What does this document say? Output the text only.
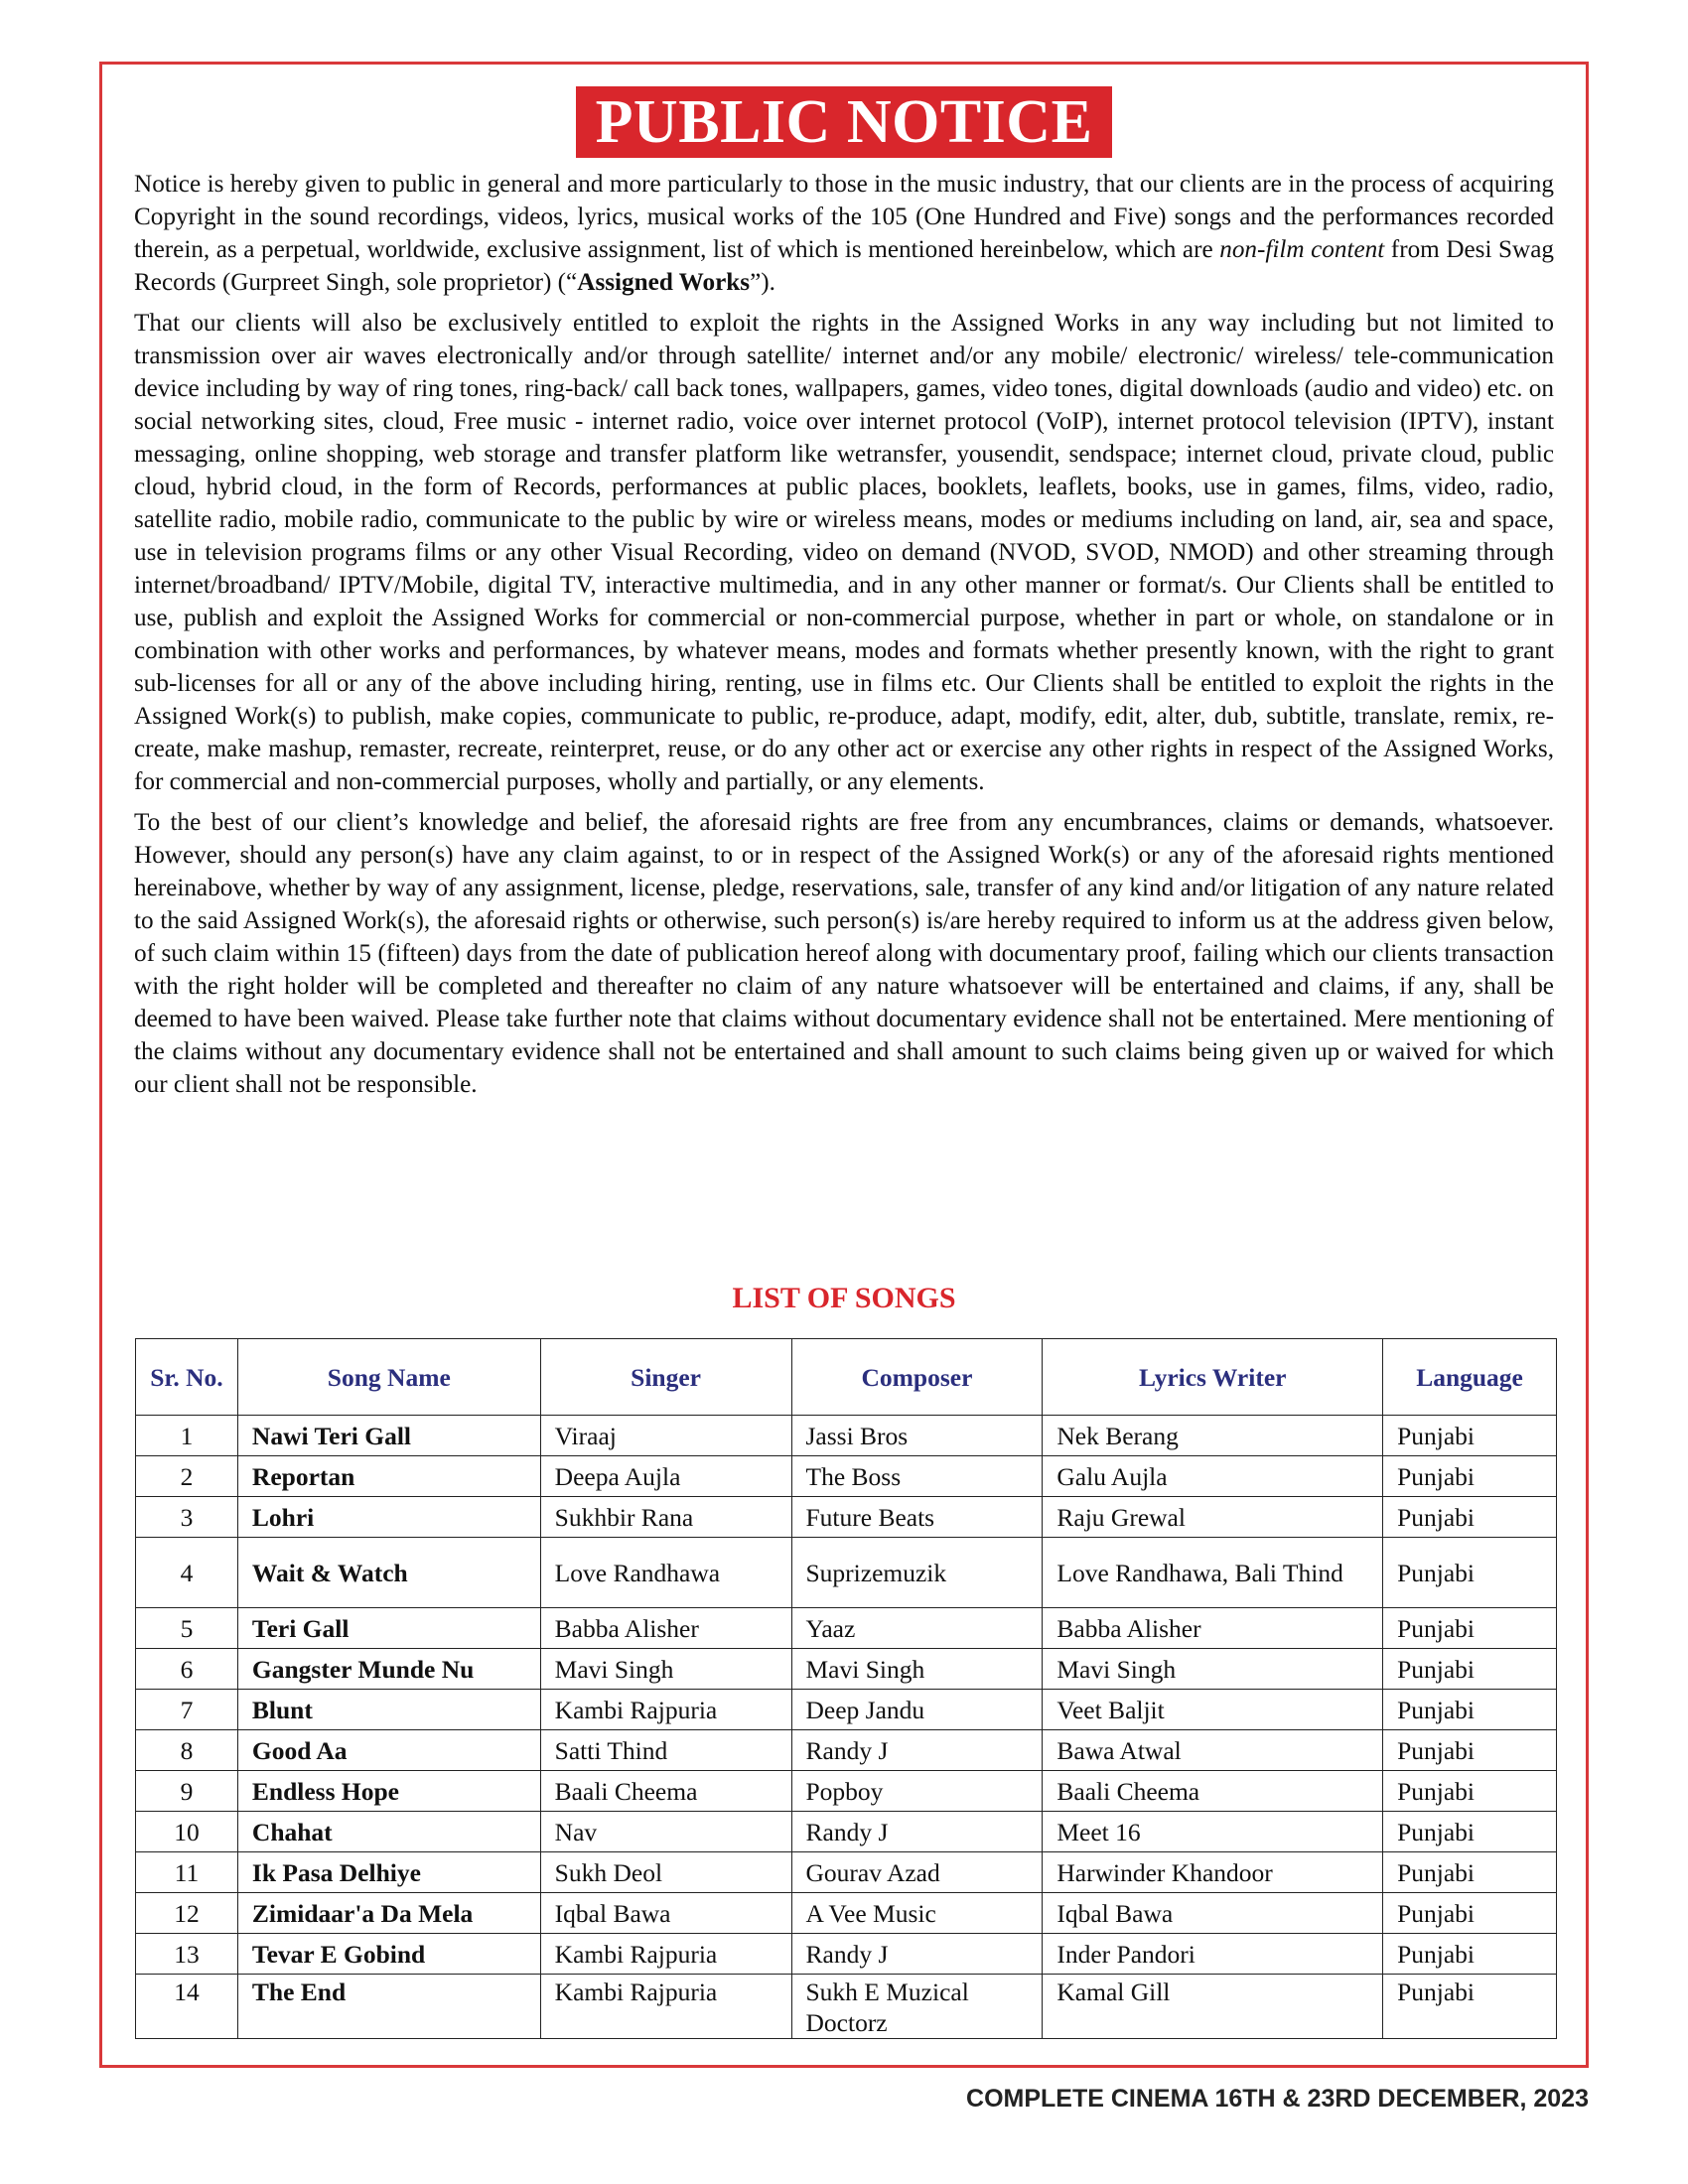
PUBLIC NOTICE

Notice is hereby given to public in general and more particularly to those in the music industry, that our clients are in the process of acquiring Copyright in the sound recordings, videos, lyrics, musical works of the 105 (One Hundred and Five) songs and the performances recorded therein, as a perpetual, worldwide, exclusive assignment, list of which is mentioned hereinbelow, which are non-film content from Desi Swag Records (Gurpreet Singh, sole proprietor) (“Assigned Works”).

That our clients will also be exclusively entitled to exploit the rights in the Assigned Works in any way including but not limited to transmission over air waves electronically and/or through satellite/ internet and/or any mobile/ electronic/ wireless/ tele-communication device including by way of ring tones, ring-back/ call back tones, wallpapers, games, video tones, digital downloads (audio and video) etc. on social networking sites, cloud, Free music - internet radio, voice over internet protocol (VoIP), internet protocol television (IPTV), instant messaging, online shopping, web storage and transfer platform like wetransfer, yousendit, sendspace; internet cloud, private cloud, public cloud, hybrid cloud, in the form of Records, performances at public places, booklets, leaflets, books, use in games, films, video, radio, satellite radio, mobile radio, communicate to the public by wire or wireless means, modes or mediums including on land, air, sea and space, use in television programs films or any other Visual Recording, video on demand (NVOD, SVOD, NMOD) and other streaming through internet/broadband/ IPTV/Mobile, digital TV, interactive multimedia, and in any other manner or format/s. Our Clients shall be entitled to use, publish and exploit the Assigned Works for commercial or non-commercial purpose, whether in part or whole, on standalone or in combination with other works and performances, by whatever means, modes and formats whether presently known, with the right to grant sub-licenses for all or any of the above including hiring, renting, use in films etc. Our Clients shall be entitled to exploit the rights in the Assigned Work(s) to publish, make copies, communicate to public, re-produce, adapt, modify, edit, alter, dub, subtitle, translate, remix, re-create, make mashup, remaster, recreate, reinterpret, reuse, or do any other act or exercise any other rights in respect of the Assigned Works, for commercial and non-commercial purposes, wholly and partially, or any elements.

To the best of our client’s knowledge and belief, the aforesaid rights are free from any encumbrances, claims or demands, whatsoever. However, should any person(s) have any claim against, to or in respect of the Assigned Work(s) or any of the aforesaid rights mentioned hereinabove, whether by way of any assignment, license, pledge, reservations, sale, transfer of any kind and/or litigation of any nature related to the said Assigned Work(s), the aforesaid rights or otherwise, such person(s) is/are hereby required to inform us at the address given below, of such claim within 15 (fifteen) days from the date of publication hereof along with documentary proof, failing which our clients transaction with the right holder will be completed and thereafter no claim of any nature whatsoever will be entertained and claims, if any, shall be deemed to have been waived. Please take further note that claims without documentary evidence shall not be entertained. Mere mentioning of the claims without any documentary evidence shall not be entertained and shall amount to such claims being given up or waived for which our client shall not be responsible.

LIST OF SONGS
Sr. No.	Song Name	Singer	Composer	Lyrics Writer	Language
1	Nawi Teri Gall	Viraaj	Jassi Bros	Nek Berang	Punjabi
2	Reportan	Deepa Aujla	The Boss	Galu Aujla	Punjabi
3	Lohri	Sukhbir Rana	Future Beats	Raju Grewal	Punjabi
4	Wait & Watch	Love Randhawa	Suprizemuzik	Love Randhawa, Bali Thind	Punjabi
5	Teri Gall	Babba Alisher	Yaaz	Babba Alisher	Punjabi
6	Gangster Munde Nu	Mavi Singh	Mavi Singh	Mavi Singh	Punjabi
7	Blunt	Kambi Rajpuria	Deep Jandu	Veet Baljit	Punjabi
8	Good Aa	Satti Thind	Randy J	Bawa Atwal	Punjabi
9	Endless Hope	Baali Cheema	Popboy	Baali Cheema	Punjabi
10	Chahat	Nav	Randy J	Meet 16	Punjabi
11	Ik Pasa Delhiye	Sukh Deol	Gourav Azad	Harwinder Khandoor	Punjabi
12	Zimidaar'a Da Mela	Iqbal Bawa	A Vee Music	Iqbal Bawa	Punjabi
13	Tevar E Gobind	Kambi Rajpuria	Randy J	Inder Pandori	Punjabi
14	The End	Kambi Rajpuria	Sukh E Muzical Doctorz	Kamal Gill	Punjabi
COMPLETE CINEMA 16TH & 23RD DECEMBER, 2023
